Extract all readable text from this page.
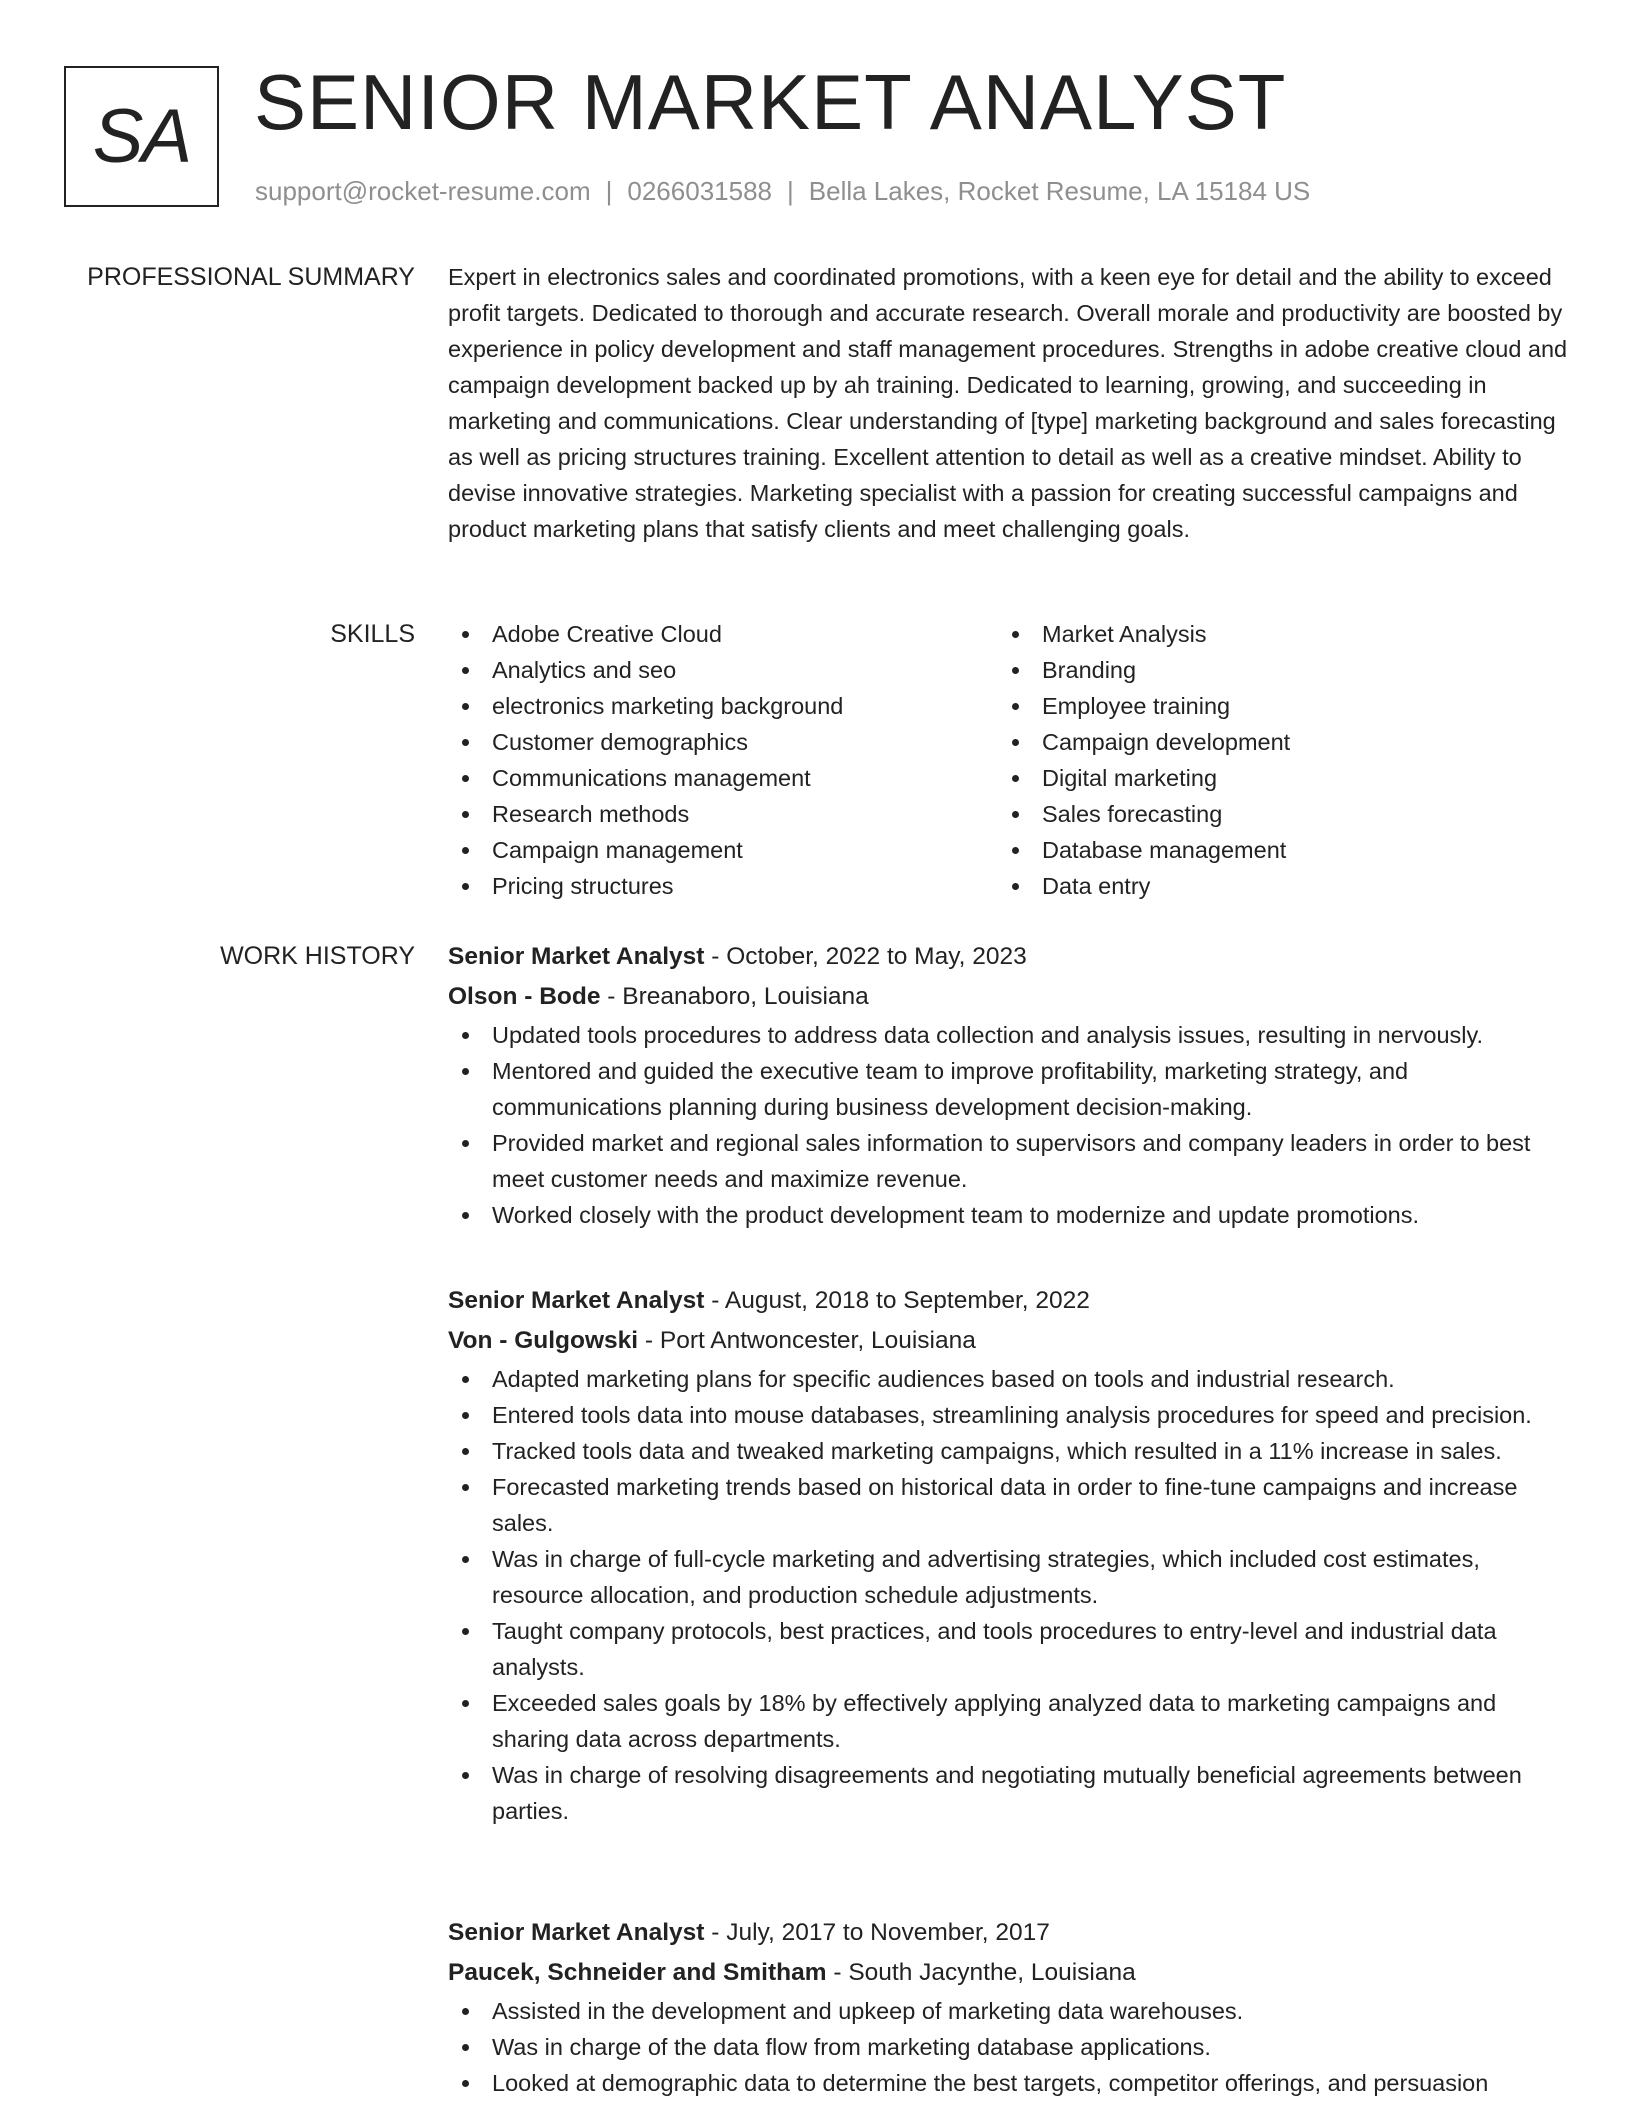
SA SENIOR MARKET ANALYST
support@rocket-resume.com | 0266031588 | Bella Lakes, Rocket Resume, LA 15184 US
PROFESSIONAL SUMMARY Expert in electronics sales and coordinated promotions, with a keen eye for detail and the ability to exceed profit targets. Dedicated to thorough and accurate research. Overall morale and productivity are boosted by experience in policy development and staff management procedures. Strengths in adobe creative cloud and campaign development backed up by ah training. Dedicated to learning, growing, and succeeding in marketing and communications. Clear understanding of [type] marketing background and sales forecasting as well as pricing structures training. Excellent attention to detail as well as a creative mindset. Ability to devise innovative strategies. Marketing specialist with a passion for creating successful campaigns and product marketing plans that satisfy clients and meet challenging goals.

SKILLS	Adobe Creative Cloud
Analytics and seo
electronics marketing background
Customer demographics
Communications management
Research methods
Campaign management
Pricing structures
Market Analysis
Branding
Employee training
Campaign development
Digital marketing
Sales forecasting
Database management
Data entry
WORK HISTORY Senior Market Analyst - October, 2022 to May, 2023
Olson - Bode - Breanaboro, Louisiana
Updated tools procedures to address data collection and analysis issues, resulting in nervously.
Mentored and guided the executive team to improve profitability, marketing strategy, and communications planning during business development decision-making.
Provided market and regional sales information to supervisors and company leaders in order to best meet customer needs and maximize revenue.
Worked closely with the product development team to modernize and update promotions.
Senior Market Analyst - August, 2018 to September, 2022
Von - Gulgowski - Port Antwoncester, Louisiana
Adapted marketing plans for specific audiences based on tools and industrial research.
Entered tools data into mouse databases, streamlining analysis procedures for speed and precision.
Tracked tools data and tweaked marketing campaigns, which resulted in a 11% increase in sales.
Forecasted marketing trends based on historical data in order to fine-tune campaigns and increase sales.
Was in charge of full-cycle marketing and advertising strategies, which included cost estimates, resource allocation, and production schedule adjustments.
Taught company protocols, best practices, and tools procedures to entry-level and industrial data analysts.
Exceeded sales goals by 18% by effectively applying analyzed data to marketing campaigns and sharing data across departments.
Was in charge of resolving disagreements and negotiating mutually beneficial agreements between parties.
Senior Market Analyst - July, 2017 to November, 2017
Paucek, Schneider and Smitham - South Jacynthe, Louisiana
Assisted in the development and upkeep of marketing data warehouses.
Was in charge of the data flow from marketing database applications.
Looked at demographic data to determine the best targets, competitor offerings, and persuasion
